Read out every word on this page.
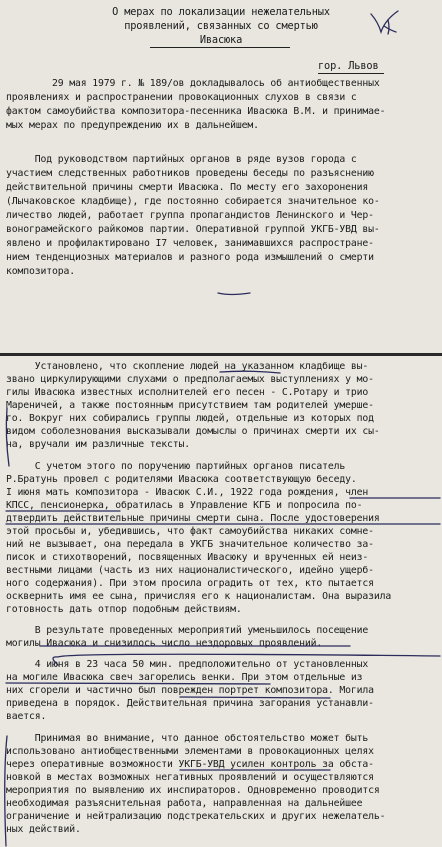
О мерах по локализации нежелательных
проявлений, связанных со смертью
Ивасюка
гор. Львов
29 мая 1979 г. № 189/ов докладывалось об антиобщественных
проявлениях и распространении провокационных слухов в связи с
фактом самоубийства композитора-песенника Ивасюка В.М. и принимае-
мых мерах по предупреждению их в дальнейшем.
Под руководством партийных органов в ряде вузов города с
участием следственных работников проведены беседы по разъяснению
действительной причины смерти Ивасюка. По месту его захоронения
(Лычаковское кладбище), где постоянно собирается значительное ко-
личество людей, работает группа пропагандистов Ленинского и Чер-
вонограмейского райкомов партии. Оперативной группой УКГБ-УВД вы-
явлено и профилактировано I7 человек, занимавшихся распростране-
нием тенденциозных материалов и разного рода измышлений о смерти
композитора.
Установлено, что скопление людей на указанном кладбище вы-
звано циркулирующими слухами о предполагаемых выступлениях у мо-
гилы Ивасюка известных исполнителей его песен - С.Ротару и трио
Мареничей, а также постоянным присутствием там родителей умерше-
го. Вокруг них собирались группы людей, отдельные из которых под
видом соболезнования высказывали домыслы о причинах смерти их сы-
на, вручали им различные тексты.
С учетом этого по поручению партийных органов писатель
Р.Братунь провел с родителями Ивасюка соответствующую беседу.
I июня мать композитора - Ивасюк С.И., 1922 года рождения, член
КПСС, пенсионерка, обратилась в Управление КГБ и попросила по-
дтвердить действительные причины смерти сына. После удостоверения
этой просьбы и, убедившись, что факт самоубийства никаких сомне-
ний не вызывает, она передала в УКГБ значительное количество за-
писок и стихотворений, посвященных Ивасюку и врученных ей неиз-
вестными лицами (часть из них националистического, идейно ущерб-
ного содержания). При этом просила оградить от тех, кто пытается
осквернить имя ее сына, причисляя его к националистам. Она выразила
готовность дать отпор подобным действиям.
В результате проведенных мероприятий уменьшилось посещение
могилы Ивасюка и снизилось число нездоровых проявлений.
4 июня в 23 часа 50 мин. предположительно от установленных
на могиле Ивасюка свеч загорелись венки. При этом отдельные из
них сгорели и частично был поврежден портрет композитора. Могила
приведена в порядок. Действительная причина загорания устанавли-
вается.
Принимая во внимание, что данное обстоятельство может быть
использовано антиобщественными элементами в провокационных целях
через оперативные возможности УКГБ-УВД усилен контроль за обста-
новкой в местах возможных негативных проявлений и осуществляются
мероприятия по выявлению их инспираторов. Одновременно проводится
необходимая разъяснительная работа, направленная на дальнейшее
ограничение и нейтрализацию подстрекательских и других нежелатель-
ных действий.
